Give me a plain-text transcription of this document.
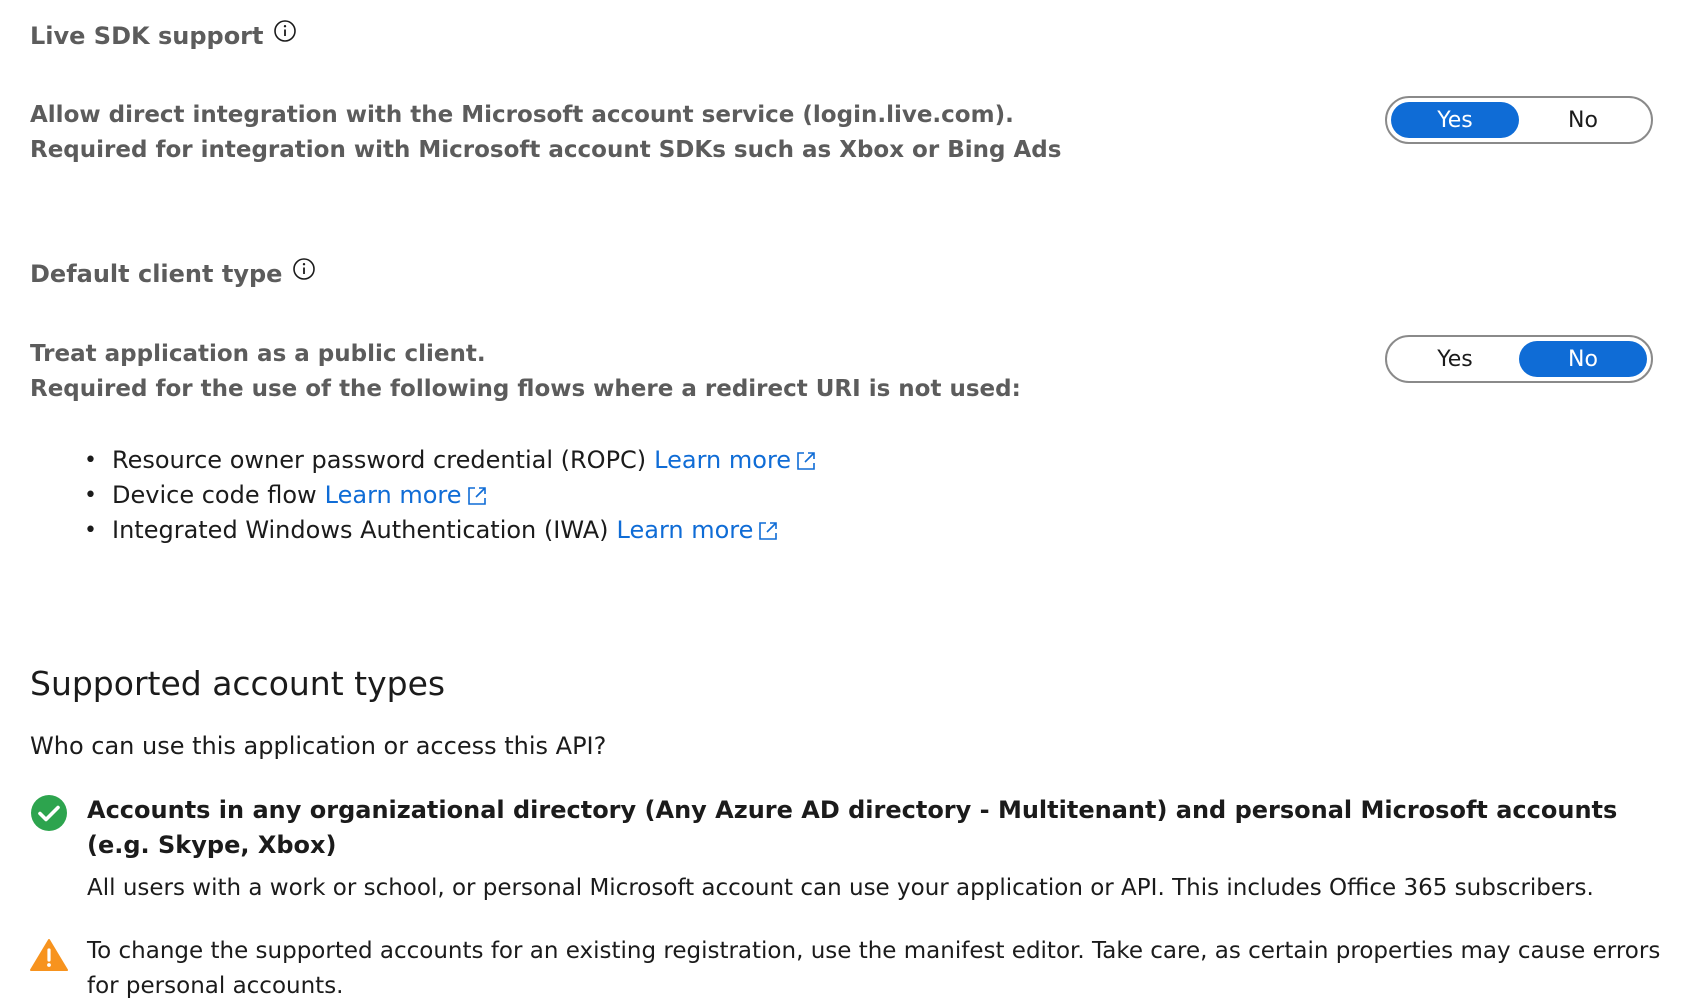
Live SDK support
Allow direct integration with the Microsoft account service (login.live.com).
Required for integration with Microsoft account SDKs such as Xbox or Bing Ads
Yes	No
Default client type
Treat application as a public client.
Required for the use of the following flows where a redirect URI is not used:
Yes	No
• Resource owner password credential (ROPC) Learn more
• Device code flow Learn more
• Integrated Windows Authentication (IWA) Learn more
Supported account types
Who can use this application or access this API?
Accounts in any organizational directory (Any Azure AD directory - Multitenant) and personal Microsoft accounts (e.g. Skype, Xbox)
All users with a work or school, or personal Microsoft account can use your application or API. This includes Office 365 subscribers.
To change the supported accounts for an existing registration, use the manifest editor. Take care, as certain properties may cause errors for personal accounts.
